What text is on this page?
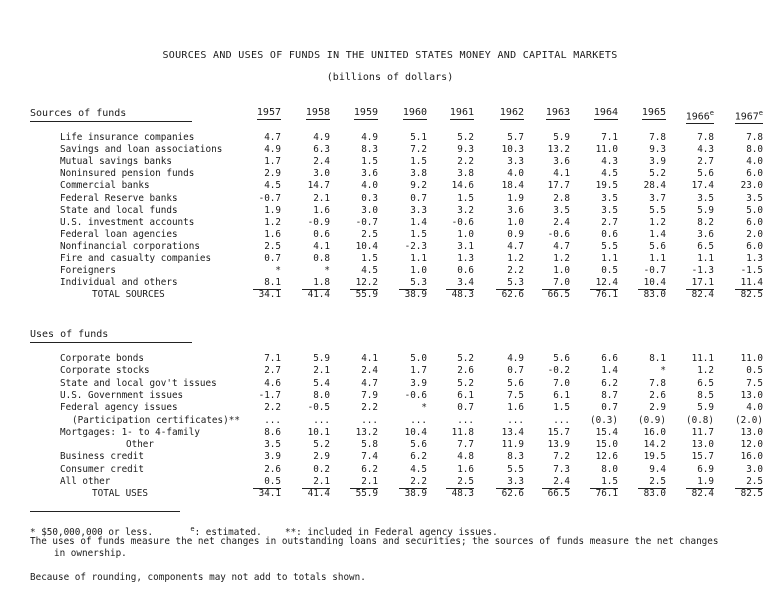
SOURCES AND USES OF FUNDS IN THE UNITED STATES MONEY AND CAPITAL MARKETS
(billions of dollars)
Sources of funds	1957	1958	1959	1960	1961	1962	1963	1964	1965	1966e	1967e
Life insurance companies	4.7	4.9	4.9	5.1	5.2	5.7	5.9	7.1	7.8	7.8	7.8
Savings and loan associations	4.9	6.3	8.3	7.2	9.3	10.3	13.2	11.0	9.3	4.3	8.0
Mutual savings banks	1.7	2.4	1.5	1.5	2.2	3.3	3.6	4.3	3.9	2.7	4.0
Noninsured pension funds	2.9	3.0	3.6	3.8	3.8	4.0	4.1	4.5	5.2	5.6	6.0
Commercial banks	4.5	14.7	4.0	9.2	14.6	18.4	17.7	19.5	28.4	17.4	23.0
Federal Reserve banks	-0.7	2.1	0.3	0.7	1.5	1.9	2.8	3.5	3.7	3.5	3.5
State and local funds	1.9	1.6	3.0	3.3	3.2	3.6	3.5	3.5	5.5	5.9	5.0
U.S. investment accounts	1.2	-0.9	-0.7	1.4	-0.6	1.0	2.4	2.7	1.2	8.2	6.0
Federal loan agencies	1.6	0.6	2.5	1.5	1.0	0.9	-0.6	0.6	1.4	3.6	2.0
Nonfinancial corporations	2.5	4.1	10.4	-2.3	3.1	4.7	4.7	5.5	5.6	6.5	6.0
Fire and casualty companies	0.7	0.8	1.5	1.1	1.3	1.2	1.2	1.1	1.1	1.1	1.3
Foreigners	*	*	4.5	1.0	0.6	2.2	1.0	0.5	-0.7	-1.3	-1.5
Individual and others	8.1	1.8	12.2	5.3	3.4	5.3	7.0	12.4	10.4	17.1	11.4
TOTAL SOURCES	34.1	41.4	55.9	38.9	48.3	62.6	66.5	76.1	83.0	82.4	82.5
Uses of funds
Corporate bonds	7.1	5.9	4.1	5.0	5.2	4.9	5.6	6.6	8.1	11.1	11.0
Corporate stocks	2.7	2.1	2.4	1.7	2.6	0.7	-0.2	1.4	*	1.2	0.5
State and local gov't issues	4.6	5.4	4.7	3.9	5.2	5.6	7.0	6.2	7.8	6.5	7.5
U.S. Government issues	-1.7	8.0	7.9	-0.6	6.1	7.5	6.1	8.7	2.6	8.5	13.0
Federal agency issues	2.2	-0.5	2.2	*	0.7	1.6	1.5	0.7	2.9	5.9	4.0
(Participation certificates)**	...	...	...	...	...	...	... (0.3) (0.9) (0.8) (2.0)
Mortgages: 1- to 4-family	8.6	10.1	13.2	10.4	11.8	13.4	15.7	15.4	16.0	11.7	13.0
Other	3.5	5.2	5.8	5.6	7.7	11.9	13.9	15.0	14.2	13.0	12.0
Business credit	3.9	2.9	7.4	6.2	4.8	8.3	7.2	12.6	19.5	15.7	16.0
Consumer credit	2.6	0.2	6.2	4.5	1.6	5.5	7.3	8.0	9.4	6.9	3.0
All other	0.5	2.1	2.1	2.2	2.5	3.3	2.4	1.5	2.5	1.9	2.5
TOTAL USES	34.1	41.4	55.9	38.9	48.3	62.6	66.5	76.1	83.0	82.4	82.5
* $50,000,000 or less.	$^e$: estimated. **: included in Federal agency issues.
The uses of funds measure the net changes in outstanding loans and securities; the sources of funds measure the net changes
in ownership.
Because of rounding, components may not add to totals shown.
